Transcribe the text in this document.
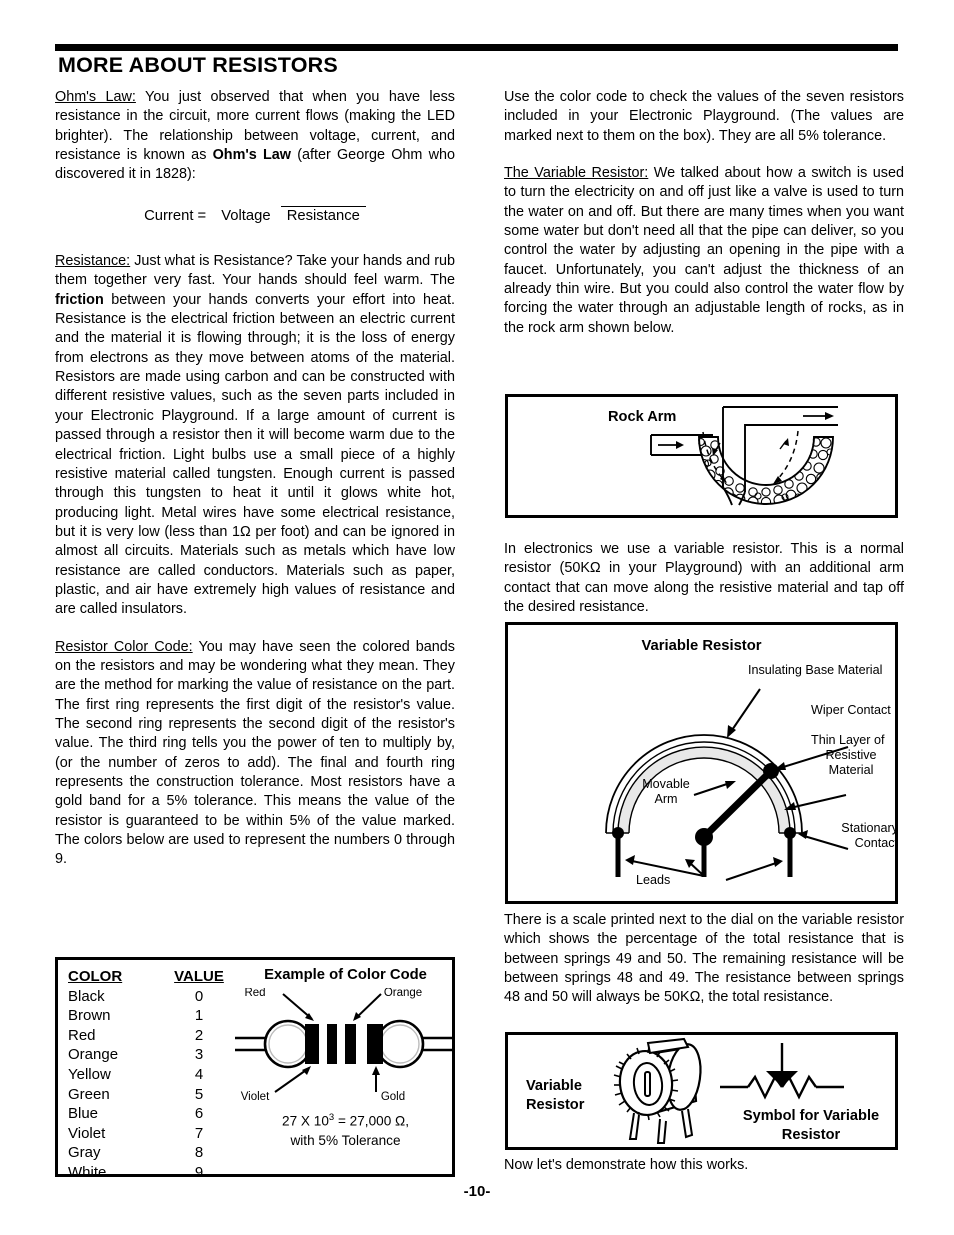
MORE ABOUT RESISTORS

Ohm's Law: You just observed that when you have less resistance in the circuit, more current flows (making the LED brighter). The relationship between voltage, current, and resistance is known as Ohm's Law (after George Ohm who discovered it in 1828):

Current =	Voltage Resistance

Resistance: Just what is Resistance? Take your hands and rub them together very fast. Your hands should feel warm. The friction between your hands converts your effort into heat. Resistance is the electrical friction between an electric current and the material it is flowing through; it is the loss of energy from electrons as they move between atoms of the material. Resistors are made using carbon and can be constructed with different resistive values, such as the seven parts included in your Electronic Playground. If a large amount of current is passed through a resistor then it will become warm due to the electrical friction. Light bulbs use a small piece of a highly resistive material called tungsten. Enough current is passed through this tungsten to heat it until it glows white hot, producing light. Metal wires have some electrical resistance, but it is very low (less than 1Ω per foot) and can be ignored in almost all circuits. Materials such as metals which have low resistance are called conductors. Materials such as paper, plastic, and air have extremely high values of resistance and are called insulators.

Resistor Color Code: You may have seen the colored bands on the resistors and may be wondering what they mean. They are the method for marking the value of resistance on the part. The first ring represents the first digit of the resistor's value. The second ring represents the second digit of the resistor's value. The third ring tells you the power of ten to multiply by, (or the number of zeros to add). The final and fourth ring represents the construction tolerance. Most resistors have a gold band for a 5% tolerance. This means the value of the resistor is guaranteed to be within 5% of the value marked. The colors below are used to represent the numbers 0 through 9.

COLOR	VALUE
Black	0
Brown	1
Red	2
Orange	3
Yellow	4
Green	5
Blue	6
Violet	7
Gray	8
White	9
Example of Color Code
Red	Orange
Violet	Gold
27 X $10^3 = 27,000$ Ω,
with 5% Tolerance

Use the color code to check the values of the seven resistors included in your Electronic Playground. (The values are marked next to them on the box). They are all 5% tolerance.

The Variable Resistor: We talked about how a switch is used to turn the electricity on and off just like a valve is used to turn the water on and off. But there are many times when you want some water but don't need all that the pipe can deliver, so you control the water by adjusting an opening in the pipe with a faucet. Unfortunately, you can't adjust the thickness of an already thin wire. But you could also control the water flow by forcing the water through an adjustable length of rocks, as in the rock arm shown below.

Rock Arm

In electronics we use a variable resistor. This is a normal resistor (50KΩ in your Playground) with an additional arm contact that can move along the resistive material and tap off the desired resistance.

Variable Resistor
Insulating Base Material
Wiper Contact
Thin Layer of
Resistive
Material
Movable
Arm
Stationary
Contact
Leads

There is a scale printed next to the dial on the variable resistor which shows the percentage of the total resistance that is between springs 49 and 50. The remaining resistance will be between springs 48 and 49. The resistance between springs 48 and 50 will always be 50KΩ, the total resistance.

Variable
Resistor
Symbol for Variable
Resistor
Now let's demonstrate how this works.
-10-
